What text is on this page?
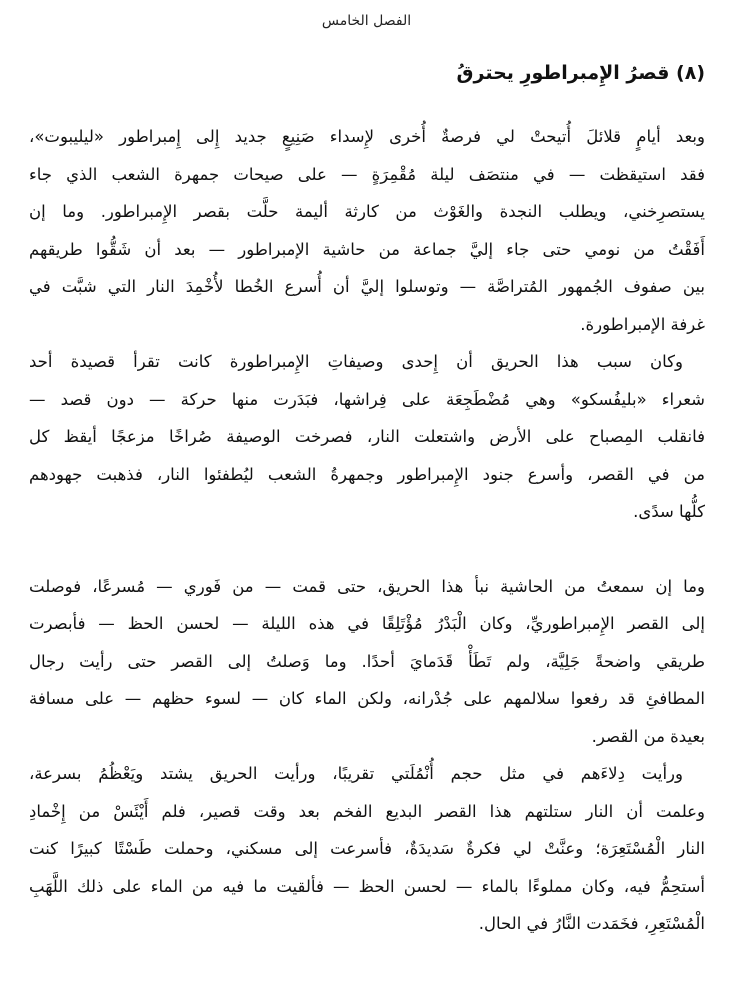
الفصل الخامس
(٨) قصرُ الإِمبراطورِ يحترقُ

وبعد أيامٍ قلائلَ أُتيحتْ لي فرصةٌ أُخرى لإِسداء صَنِيعٍ جديد إِلى إِمبراطور «ليليبوت»،
فقد استيقظت — في منتصَف ليلة مُقْمِرَةٍ — على صيحات جمهرة الشعب الذي جاء
يستصرِخني، ويطلب النجدة والغَوْث من كارثة أليمة حلَّت بقصر الإِمبراطور. وما إن
أَفَقْتُ من نومي حتى جاء إليَّ جماعة من حاشية الإمبراطور — بعد أن شَقُّوا طريقهم
بين صفوف الجُمهور المُتراصَّة — وتوسلوا إليَّ أن أُسرع الخُطا لأُخْمِدَ النار التي شبَّت في
غرفة الإمبراطورة.

وكان سبب هذا الحريق أن إِحدى وصيفاتِ الإِمبراطورة كانت تقرأ قصيدة أحد
شعراء «بليفُسكو» وهي مُضْطَجِعَة على فِراشها، فبَدَرت منها حركة — دون قصد —
فانقلب المِصباح على الأرض واشتعلت النار، فصرخت الوصيفة صُراخًا مزعجًا أيقظ كل
من في القصر، وأسرع جنود الإِمبراطور وجمهرةُ الشعب ليُطفئوا النار، فذهبت جهودهم
كلُّها سدًى.

وما إن سمعتُ من الحاشية نبأ هذا الحريق، حتى قمت — من فَوري — مُسرعًا، فوصلت
إلى القصر الإِمبراطوريِّ، وكان الْبَدْرُ مُؤْتَلِقًا في هذه الليلة — لحسن الحظ — فأبصرت
طريقي واضحةً جَلِيَّة، ولم تَطَأْ قَدَمايَ أحدًا. وما وَصلتُ إلى القصر حتى رأيت رجال
المطافئِ قد رفعوا سلالمهم على جُدْرانه، ولكن الماء كان — لسوء حظهم — على مسافة
بعيدة من القصر.

ورأيت دِلاءَهم في مثل حجم أُنْمُلَتي تقريبًا، ورأيت الحريق يشتد ويَعْظُمُ بسرعة،
وعلمت أن النار ستلتهم هذا القصر البديع الفخم بعد وقت قصير، فلم أَيْئَسْ من إِخْمادِ
النار الْمُسْتَعِرَة؛ وعنَّتْ لي فكرةٌ سَديدَةٌ، فأسرعت إلى مسكني، وحملت طَسْتًا كبيرًا كنت
أستحِمُّ فيه، وكان مملوءًا بالماء — لحسن الحظ — فألقيت ما فيه من الماء على ذلك اللَّهَبِ
الْمُسْتَعِرِ، فخَمَدت النَّارُ في الحال.
